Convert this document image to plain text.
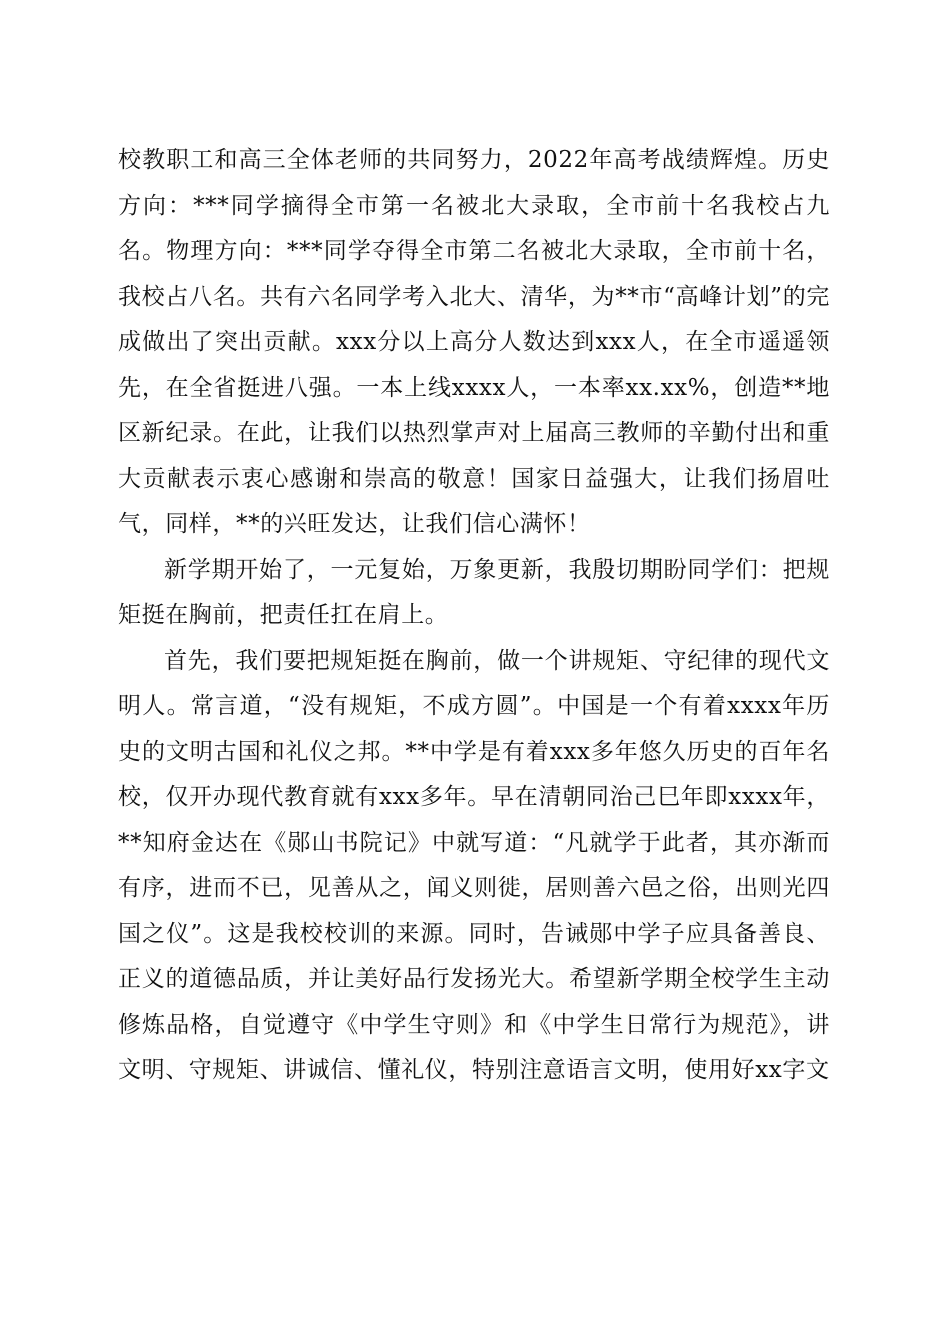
校教职工和高三全体老师的共同努力，2022年高考战绩辉煌。历史方向：***同学摘得全市第一名被北大录取，全市前十名我校占九名。物理方向：***同学夺得全市第二名被北大录取，全市前十名，我校占八名。共有六名同学考入北大、清华，为**市“高峰计划”的完成做出了突出贡献。xxx分以上高分人数达到xxx人，在全市遥遥领先，在全省挺进八强。一本上线xxxx人，一本率xx.xx%，创造**地区新纪录。在此，让我们以热烈掌声对上届高三教师的辛勤付出和重大贡献表示衷心感谢和崇高的敬意！国家日益强大，让我们扬眉吐气，同样，**的兴旺发达，让我们信心满怀！

新学期开始了，一元复始，万象更新，我殷切期盼同学们：把规矩挺在胸前，把责任扛在肩上。

首先，我们要把规矩挺在胸前，做一个讲规矩、守纪律的现代文明人。常言道，“没有规矩，不成方圆”。中国是一个有着xxxx年历史的文明古国和礼仪之邦。**中学是有着xxx多年悠久历史的百年名校，仅开办现代教育就有xxx多年。早在清朝同治己巳年即xxxx年，**知府金达在《郧山书院记》中就写道：“凡就学于此者，其亦渐而有序，进而不已，见善从之，闻义则徙，居则善六邑之俗，出则光四国之仪”。这是我校校训的来源。同时，告诫郧中学子应具备善良、正义的道德品质，并让美好品行发扬光大。希望新学期全校学生主动修炼品格，自觉遵守《中学生守则》和《中学生日常行为规范》，讲文明、守规矩、讲诚信、懂礼仪，特别注意语言文明，使用好xx字文
